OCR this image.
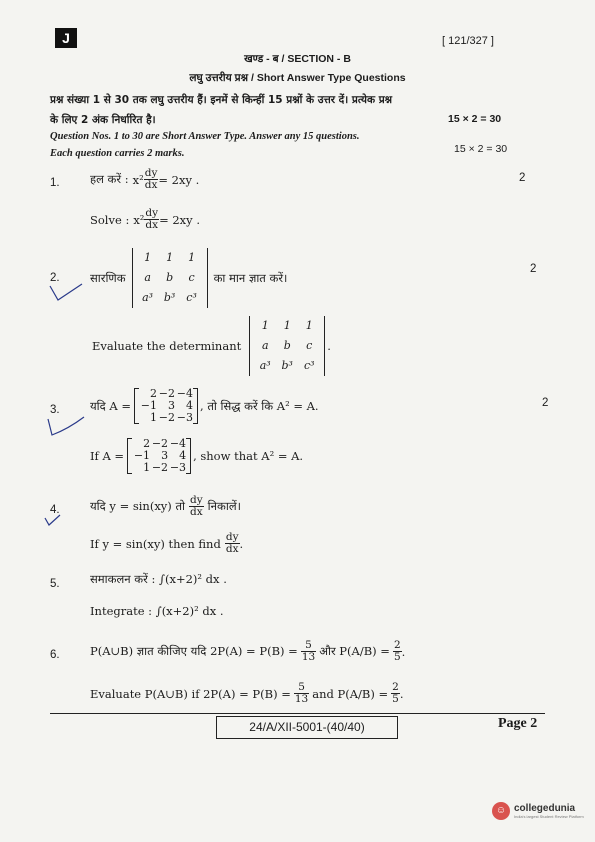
J	[ 121/327 ]
खण्ड - ब / SECTION - B
लघु उत्तरीय प्रश्न / Short Answer Type Questions
प्रश्न संख्या 1 से 30 तक लघु उत्तरीय हैं। इनमें से किन्हीं 15 प्रश्नों के उत्तर दें। प्रत्येक प्रश्न
के लिए 2 अंक निर्धारित है।	15 × 2 = 30
Question Nos. 1 to 30 are Short Answer Type. Answer any 15 questions.
15 × 2 = 30
Each question carries 2 marks.
1.	हल करें : $x^2 \frac{dy}{dx} = 2xy$ .	2
Solve : $x^2 \frac{dy}{dx} = 2xy$ .
2.	सारणिक
1	1	1
a	b	c
a³ b³ c³
का मान ज्ञात करें।
2
Evaluate the determinant
1	1	1
a	b	c
a³ b³ c³
.
3.	यदि A =
2 −2 −4
−1	3	4
1 −2 −3
, तो सिद्ध करें कि A² = A.	2
If A =
2 −2 −4
−1	3	4
1 −2 −3
, show that A² = A.
4.	यदि y = sin(xy) तो $\frac{dy}{dx}$ निकालें।
If y = sin(xy) then find $\frac{dy}{dx}$ .
5.	समाकलन करें : ∫(x+2)² dx .
Integrate : ∫(x+2)² dx .
6.	P(A∪B) ज्ञात कीजिए यदि $2P(A) = P(B) = \frac{5}{13}$ और $P(A/B) = \frac{2}{5}$ .
Evaluate P(A∪B) if $2P(A) = P(B) = \frac{5}{13}$ and $P(A/B) = \frac{2}{5}$ .
24/A/XII-5001-(40/40)	Page 2
☺ collegedunia
India's largest Student Review Platform
